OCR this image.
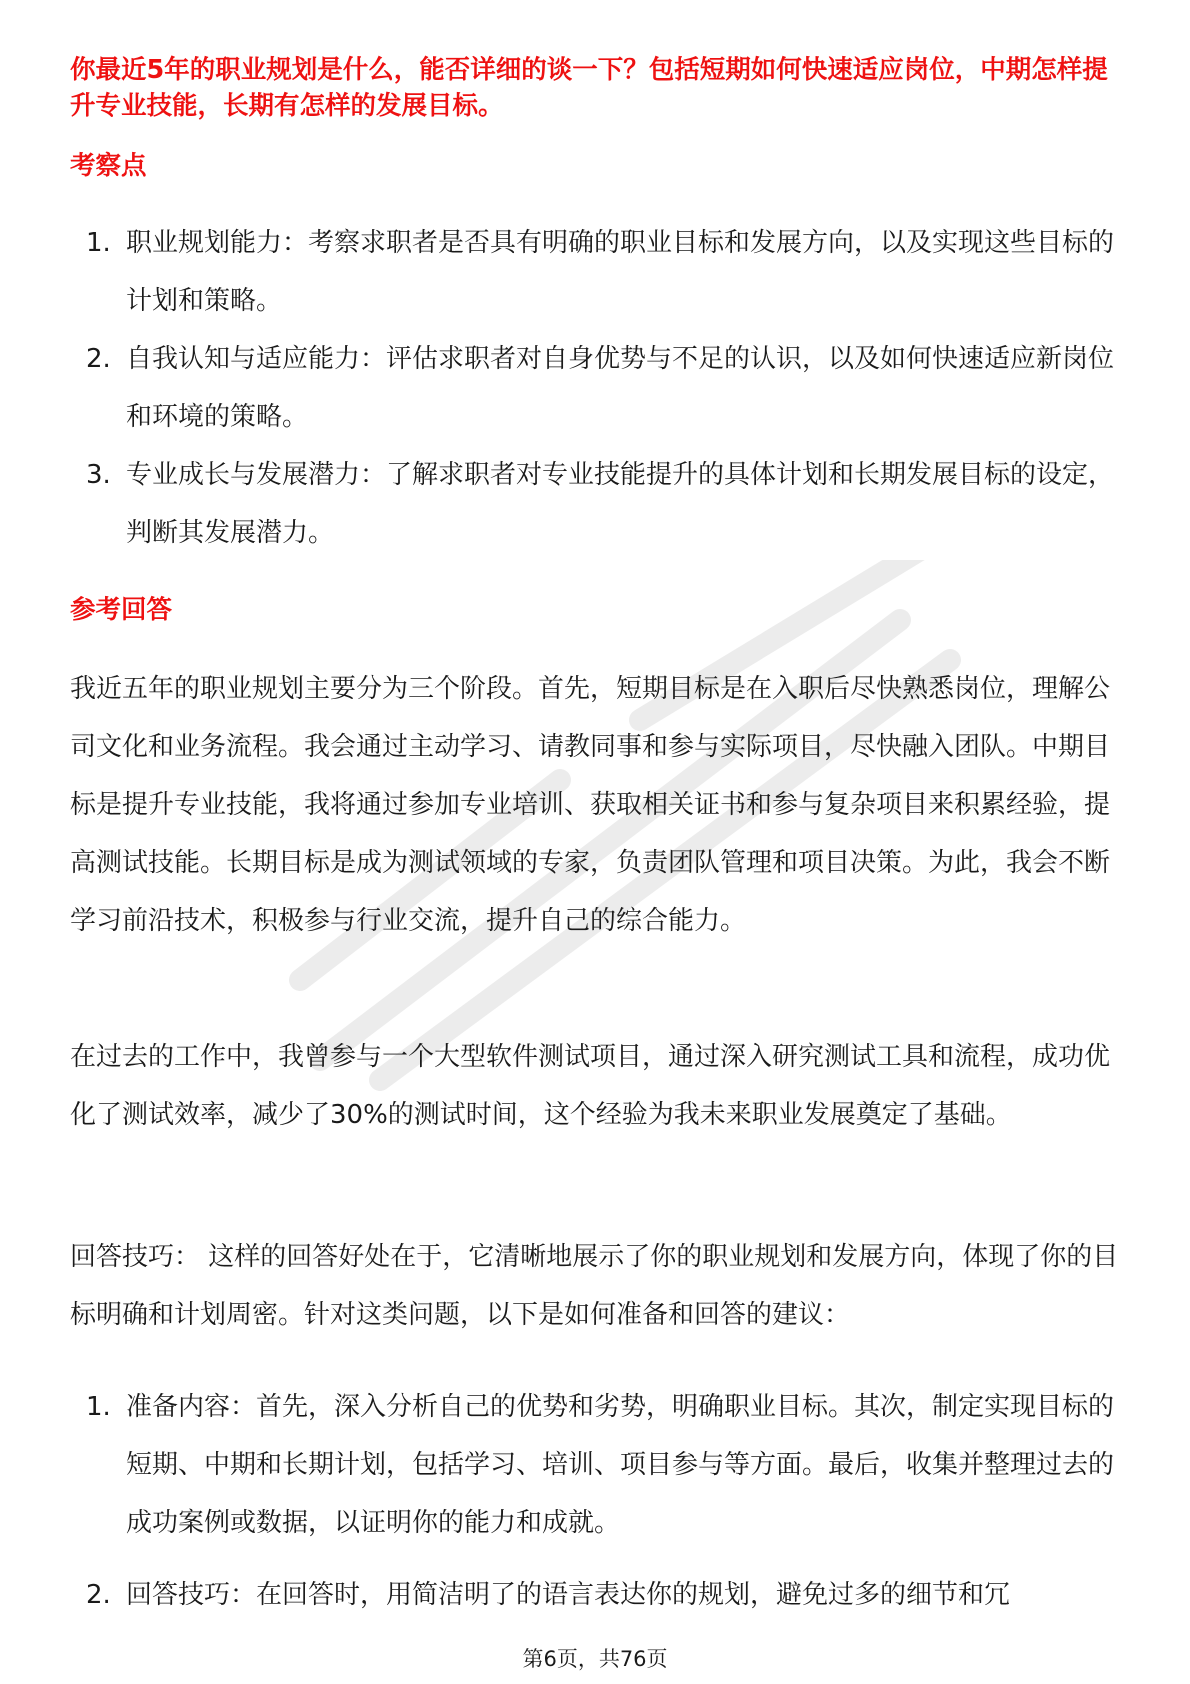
你最近5年的职业规划是什么，能否详细的谈一下？包括短期如何快速适应岗位，中期怎样提升专业技能，长期有怎样的发展目标。
考察点
1. 职业规划能力：考察求职者是否具有明确的职业目标和发展方向，以及实现这些目标的计划和策略。
2. 自我认知与适应能力：评估求职者对自身优势与不足的认识，以及如何快速适应新岗位和环境的策略。
3. 专业成长与发展潜力：了解求职者对专业技能提升的具体计划和长期发展目标的设定，判断其发展潜力。
参考回答

我近五年的职业规划主要分为三个阶段。首先，短期目标是在入职后尽快熟悉岗位，理解公司文化和业务流程。我会通过主动学习、请教同事和参与实际项目，尽快融入团队。中期目标是提升专业技能，我将通过参加专业培训、获取相关证书和参与复杂项目来积累经验，提高测试技能。长期目标是成为测试领域的专家，负责团队管理和项目决策。为此，我会不断学习前沿技术，积极参与行业交流，提升自己的综合能力。

在过去的工作中，我曾参与一个大型软件测试项目，通过深入研究测试工具和流程，成功优化了测试效率，减少了30%的测试时间，这个经验为我未来职业发展奠定了基础。

回答技巧： 这样的回答好处在于，它清晰地展示了你的职业规划和发展方向，体现了你的目标明确和计划周密。针对这类问题，以下是如何准备和回答的建议：

1. 准备内容：首先，深入分析自己的优势和劣势，明确职业目标。其次，制定实现目标的短期、中期和长期计划，包括学习、培训、项目参与等方面。最后，收集并整理过去的成功案例或数据，以证明你的能力和成就。
2. 回答技巧：在回答时，用简洁明了的语言表达你的规划，避免过多的细节和冗
第6页，共76页
